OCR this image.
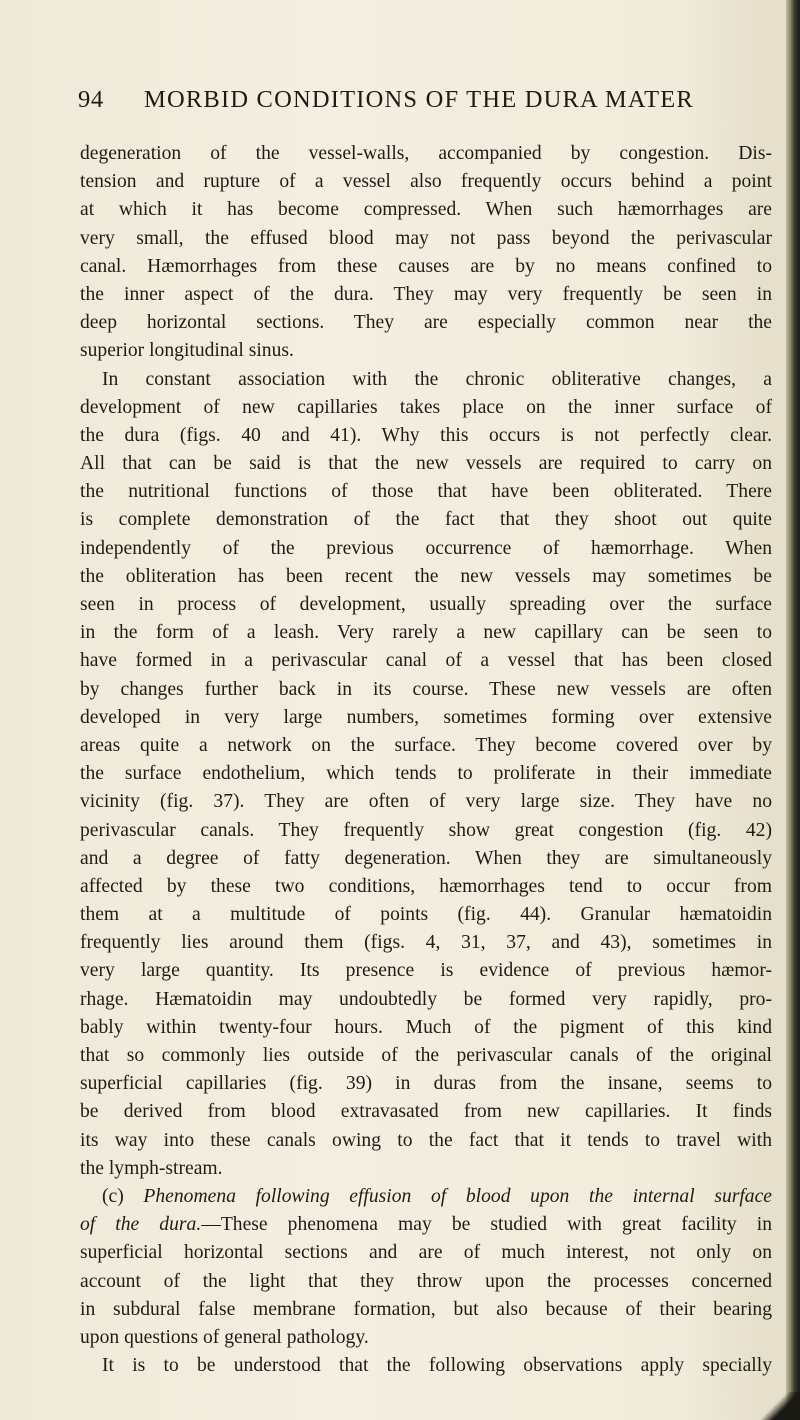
94	MORBID CONDITIONS OF THE DURA MATER
degeneration of the vessel-walls, accompanied by congestion. Dis-
tension and rupture of a vessel also frequently occurs behind a point
at which it has become compressed. When such hæmorrhages are
very small, the effused blood may not pass beyond the perivascular
canal. Hæmorrhages from these causes are by no means confined to
the inner aspect of the dura. They may very frequently be seen in
deep horizontal sections. They are especially common near the
superior longitudinal sinus.
In constant association with the chronic obliterative changes, a
development of new capillaries takes place on the inner surface of
the dura (figs. 40 and 41). Why this occurs is not perfectly clear.
All that can be said is that the new vessels are required to carry on
the nutritional functions of those that have been obliterated. There
is complete demonstration of the fact that they shoot out quite
independently of the previous occurrence of hæmorrhage. When
the obliteration has been recent the new vessels may sometimes be
seen in process of development, usually spreading over the surface
in the form of a leash. Very rarely a new capillary can be seen to
have formed in a perivascular canal of a vessel that has been closed
by changes further back in its course. These new vessels are often
developed in very large numbers, sometimes forming over extensive
areas quite a network on the surface. They become covered over by
the surface endothelium, which tends to proliferate in their immediate
vicinity (fig. 37). They are often of very large size. They have no
perivascular canals. They frequently show great congestion (fig. 42)
and a degree of fatty degeneration. When they are simultaneously
affected by these two conditions, hæmorrhages tend to occur from
them at a multitude of points (fig. 44). Granular hæmatoidin
frequently lies around them (figs. 4, 31, 37, and 43), sometimes in
very large quantity. Its presence is evidence of previous hæmor-
rhage. Hæmatoidin may undoubtedly be formed very rapidly, pro-
bably within twenty-four hours. Much of the pigment of this kind
that so commonly lies outside of the perivascular canals of the original
superficial capillaries (fig. 39) in duras from the insane, seems to
be derived from blood extravasated from new capillaries. It finds
its way into these canals owing to the fact that it tends to travel with
the lymph-stream.
(c) Phenomena following effusion of blood upon the internal surface
of the dura.—These phenomena may be studied with great facility in
superficial horizontal sections and are of much interest, not only on
account of the light that they throw upon the processes concerned
in subdural false membrane formation, but also because of their bearing
upon questions of general pathology.
It is to be understood that the following observations apply specially
